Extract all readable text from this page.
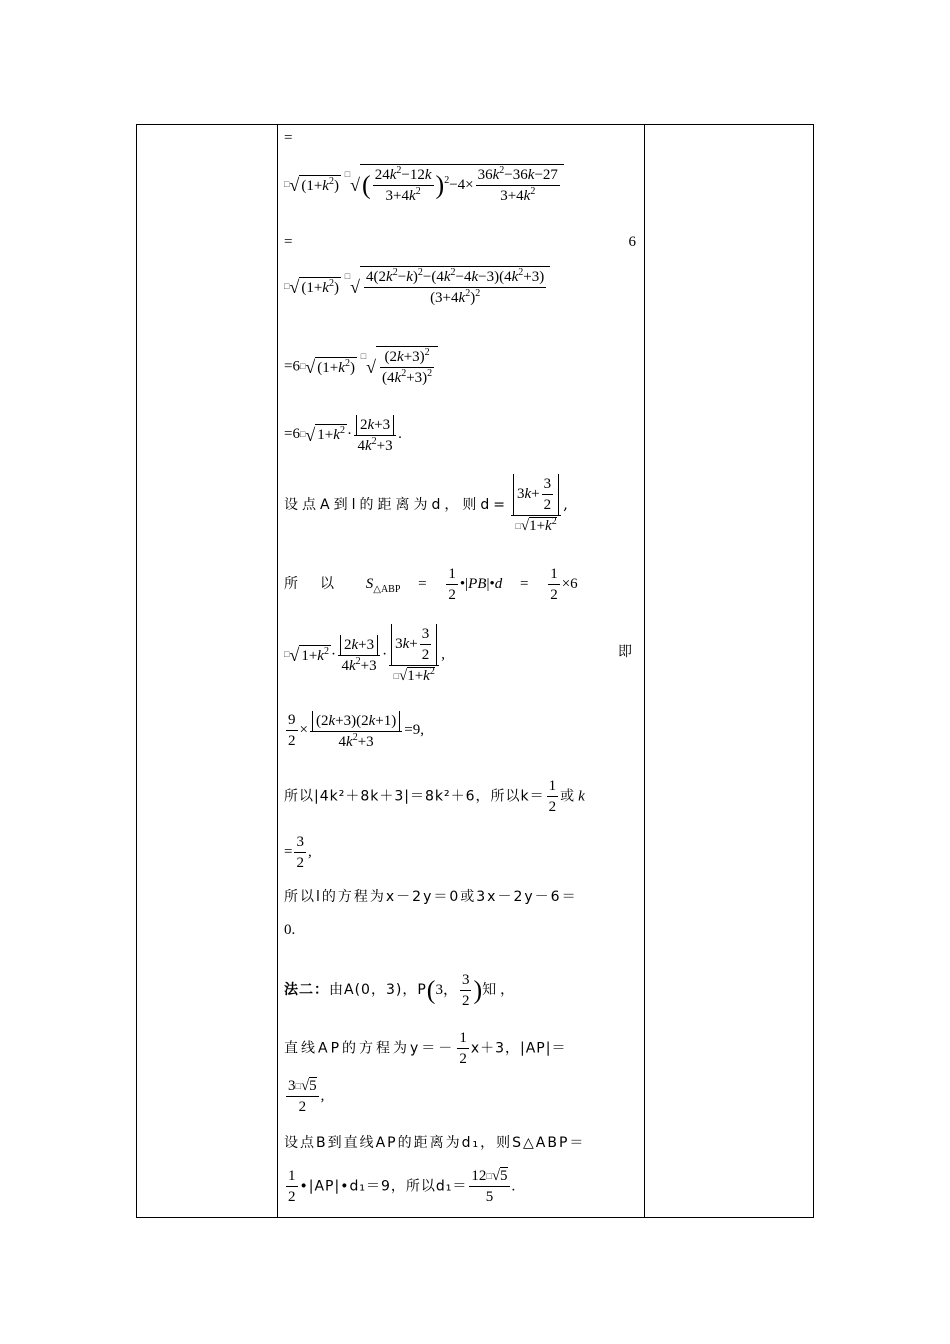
=
□√ $(1+k^2)$ $^□√( \frac{24k^2-12k}{3+4k^2} )^2-4\times \frac{36k^2-36k-27}{3+4k^2}$
=	6
□√ $(1+k^2)$ $^□√ \frac{4(2k^2-k)^2-(4k^2-4k-3)(4k^2+3)}{(3+4k^2)^2}$
=6□√ $(1+k^2)$ $^□√ \frac{(2k+3)^2}{(4k^2+3)^2}$
=6□√ $1+k^2 \cdot \frac{2k+3}{4k^2+3}$ .
设点A到l的距离为d，则$d= \frac{3k+ \frac{3}{2}}{^□√1+k^2}$ ,
所以 $S_{\triangle ABP} = \frac{1}{2}$ •|PB|•d = $\frac{1}{2} \times 6$
□√ $1+k^2 \cdot \frac{2k+3}{4k^2+3} \cdot \frac{3k+ \frac{3}{2}}{^□√1+k^2}$ ,	即
$\frac{9}{2} \times \frac{(2k+3)(2k+1)}{4k^2+3} =9$,
所以|4k²＋8k＋3|＝8k²＋6，所以$k= \frac{1}{2}$ 或k
= $\frac{3}{2}$ ,
所以l的方程为x－2y＝0或3x－2y－6＝
0.
法二：由A(0，3)，P(3， $\frac{3}{2}$ )知，
直线AP的方程为$y=- \frac{1}{2} x+3$，|AP|＝
$\frac{3^□√5}{2}$ ,
设点B到直线AP的距离为d₁，则S△ABP＝
$\frac{1}{2}$ •|AP|•d₁＝9，所以$d_1= \frac{12^□√5}{5}$ .
